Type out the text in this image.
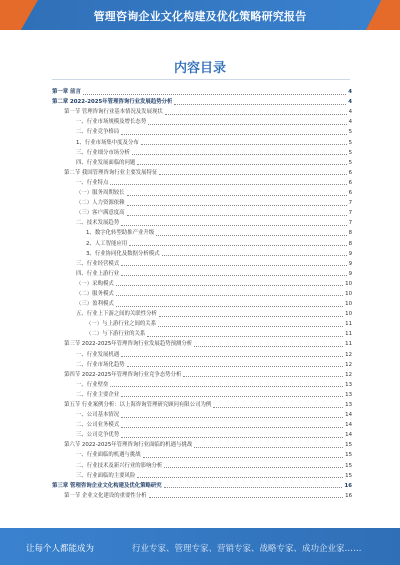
管理咨询企业文化构建及优化策略研究报告
内容目录
第一章 前言	4
第二章 2022-2025年管理咨询行业发展趋势分析	4
第一节 管理咨询行业基本情况及发展现状	4
一、行业市场规模及增长态势	4
二、行业竞争格局	5
1、行业市场集中度及分布	5
三、行业细分市场分析	5
四、行业发展面临的问题	5
第二节 我国管理咨询行业主要发展特征	6
一、行业特点	6
（一）服务周期较长	6
（二）人力资源依赖	7
（三）客户满意度高	7
二、技术发展趋势	7
1、数字化转型助推产业升级	8
2、人工智能应用	8
3、行业协同化及数据分析模式	9
三、行业经营模式	9
四、行业上游行业	9
（一）采购模式	10
（二）服务模式	10
（三）盈利模式	10
五、行业上下游之间的关联性分析	10
（一）与上游行业之间的关系	11
（二）与下游行业的关系	11
第三节 2022-2025年管理咨询行业发展趋势预测分析	11
一、行业发展机遇	12
二、行业市场化趋势	12
第四节 2022-2025年管理咨询行业竞争态势分析	12
一、行业壁垒	13
二、行业主要企业	13
第五节 行业案例分析：以上海咨询管理研究顾问有限公司为例	13
一、公司基本情况	14
二、公司业务模式	14
三、公司竞争优势	14
第六节 2022-2025年管理咨询行业面临的机遇与挑战	15
一、行业面临的机遇与挑战	15
二、行业技术及新兴行业的影响分析	15
三、行业面临的主要风险	15
第三章 管理咨询企业文化构建及优化策略研究	16
第一节 企业文化建设的重要性分析	16
让每个人都能成为	行业专家、管理专家、营销专家、战略专家、成功企业家……
